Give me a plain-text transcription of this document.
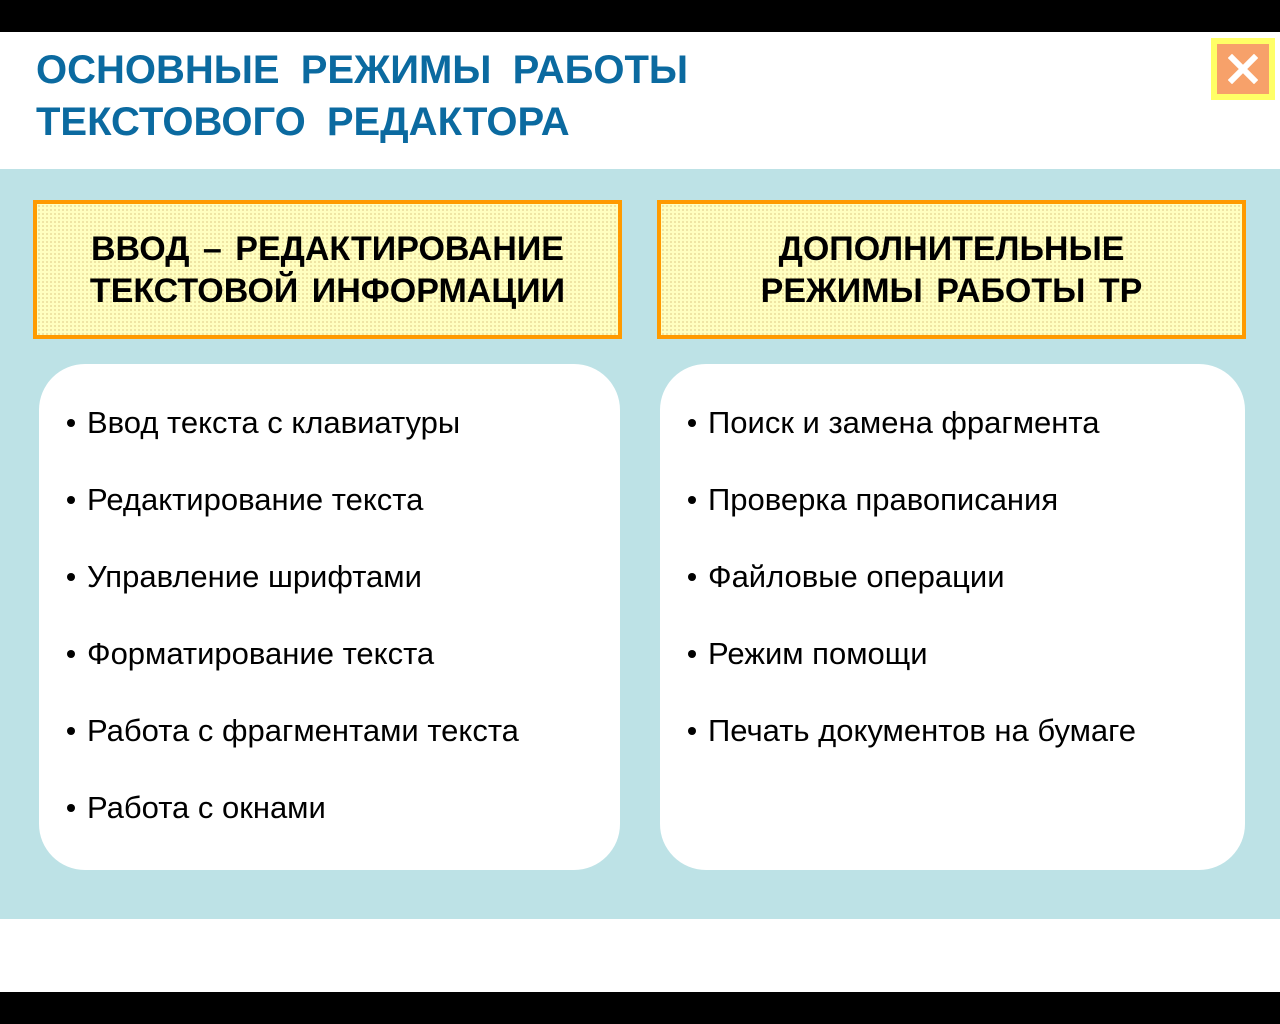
ОСНОВНЫЕ РЕЖИМЫ РАБОТЫ
ТЕКСТОВОГО РЕДАКТОРА
ВВОД – РЕДАКТИРОВАНИЕ
ТЕКСТОВОЙ ИНФОРМАЦИИ
ДОПОЛНИТЕЛЬНЫЕ
РЕЖИМЫ РАБОТЫ ТР
Ввод текста с клавиатуры
Редактирование текста
Управление шрифтами
Форматирование текста
Работа с фрагментами текста
Работа с окнами
Поиск и замена фрагмента
Проверка правописания
Файловые операции
Режим помощи
Печать документов на бумаге
